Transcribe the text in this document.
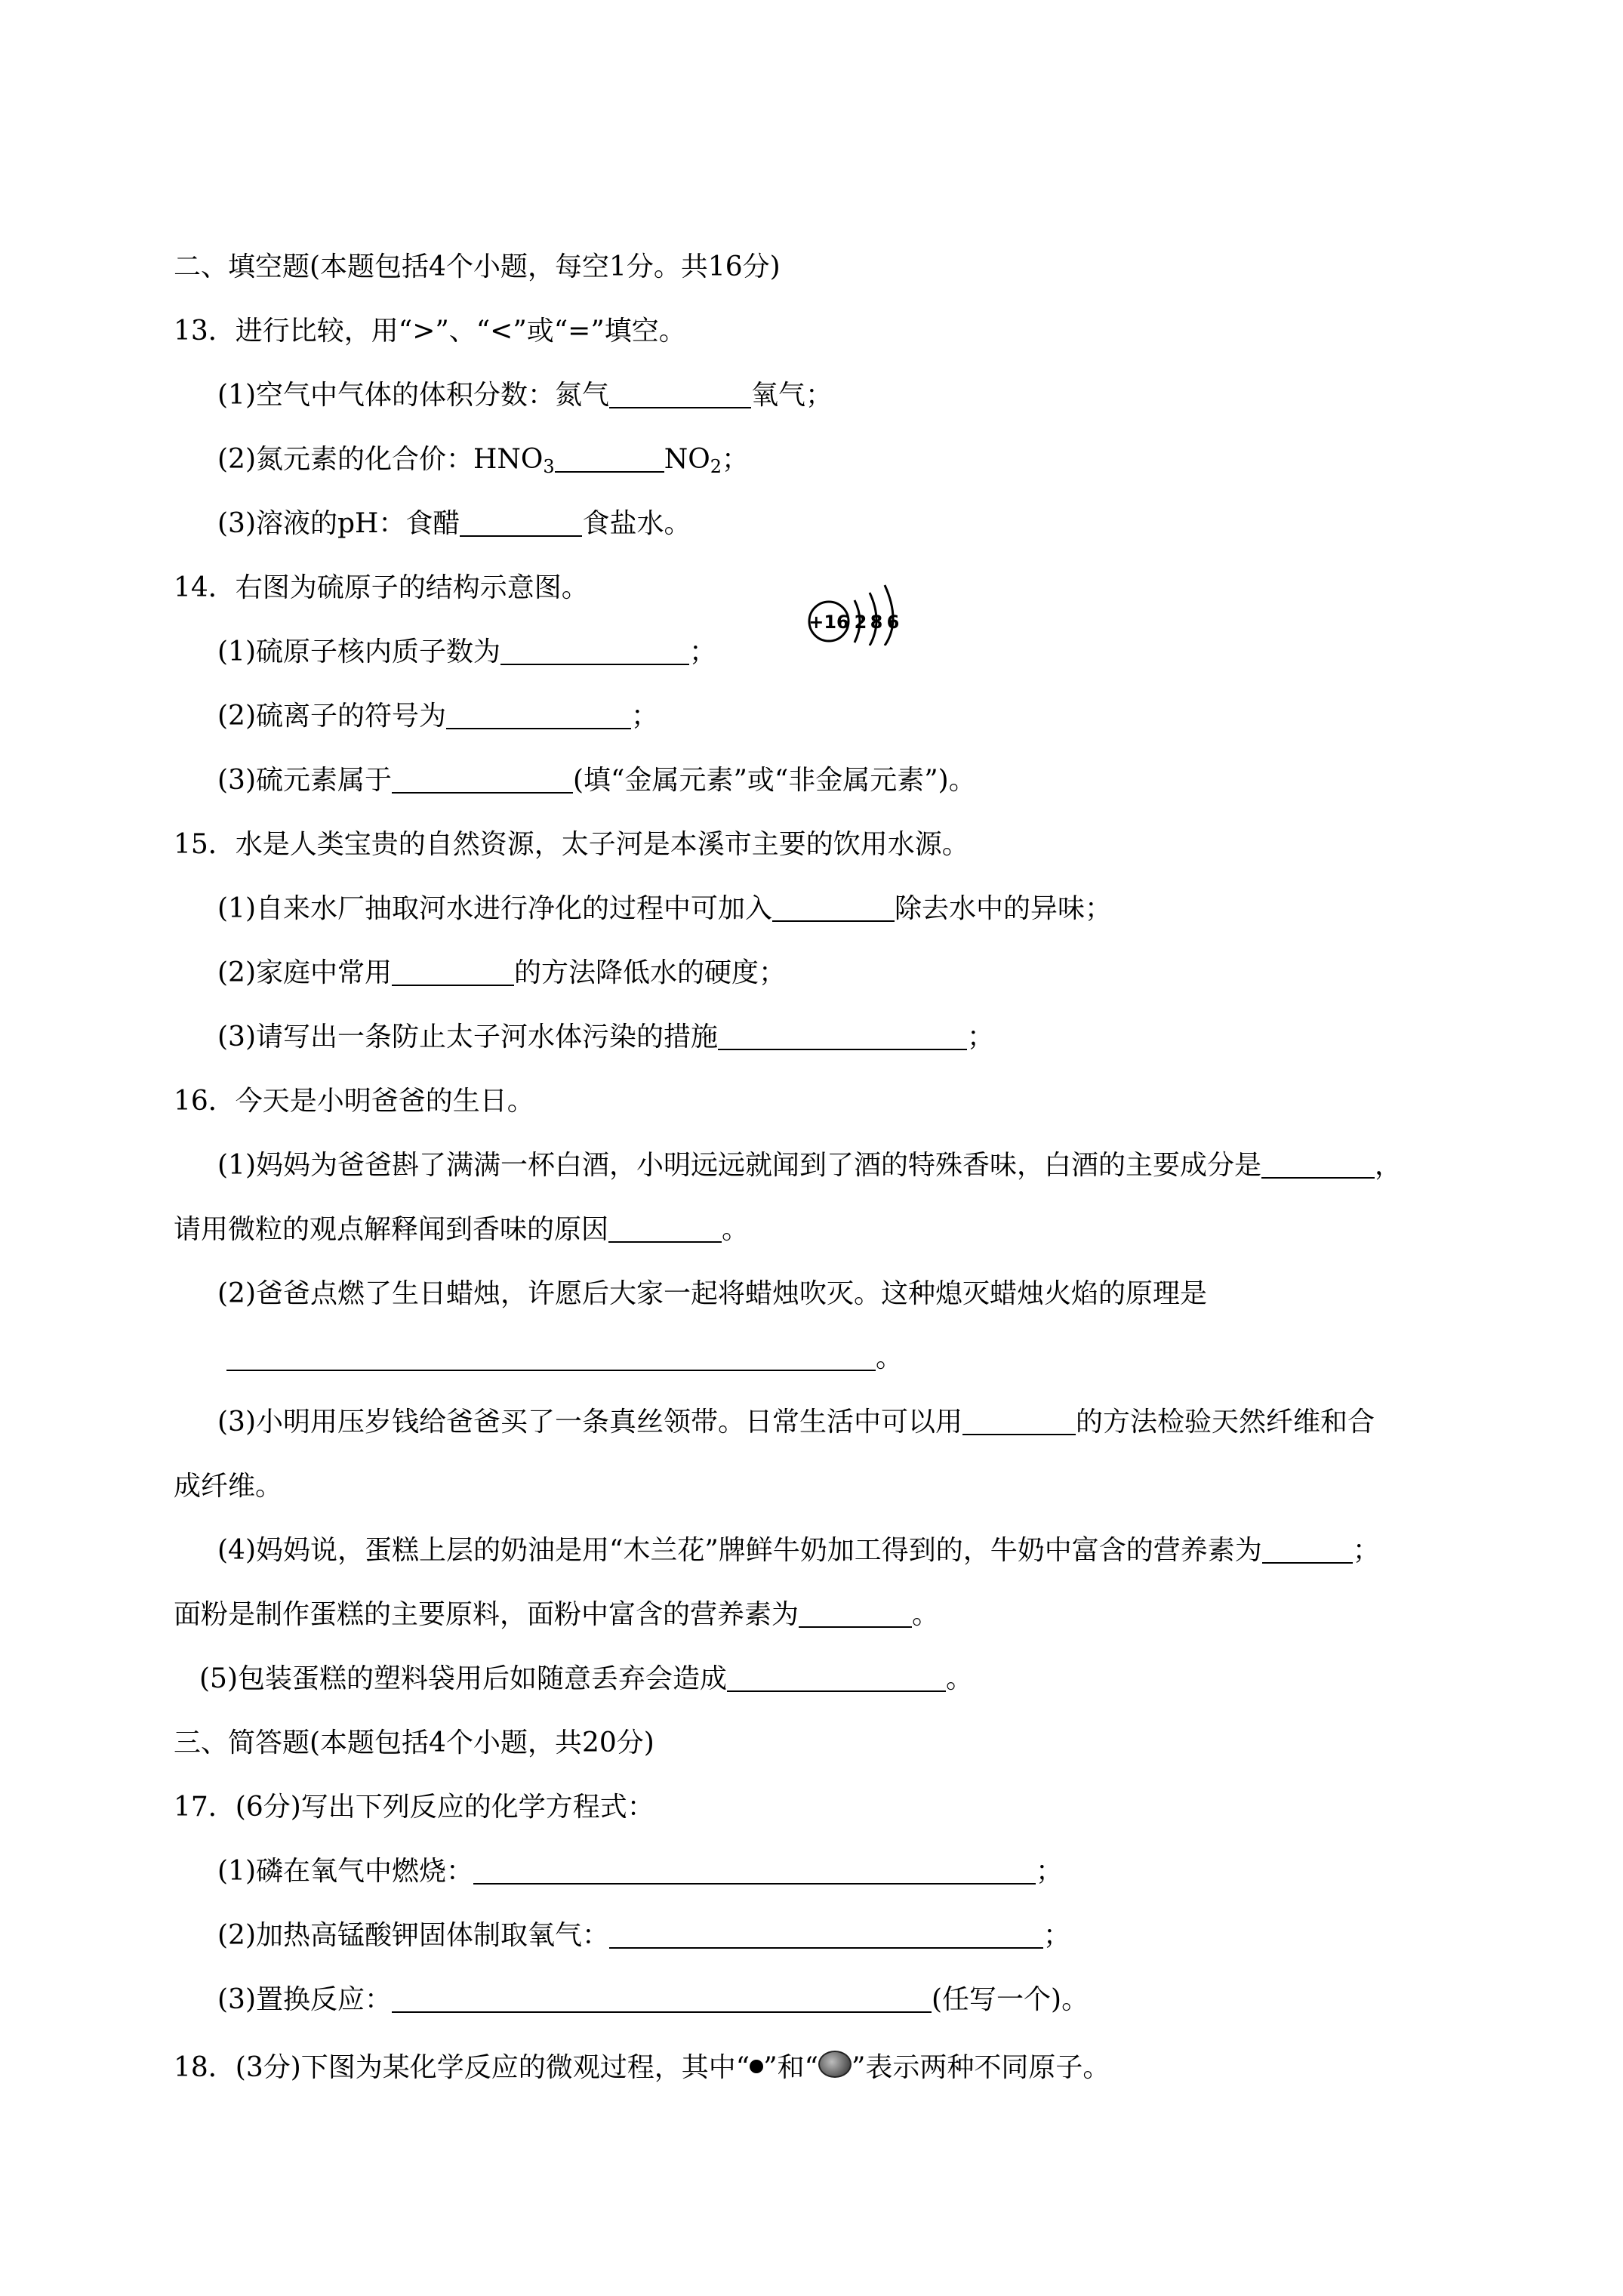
二、填空题(本题包括4个小题，每空1分。共16分)
13．进行比较，用“>”、“<”或“=”填空。
(1)空气中气体的体积分数：氮气	氧气；
(2)氮元素的化合价：$HNO_3$	$NO_2$；
(3)溶液的pH：食醋	食盐水。
14．右图为硫原子的结构示意图。
+16 2 8 6
(1)硫原子核内质子数为	；
(2)硫离子的符号为	；
(3)硫元素属于	(填“金属元素”或“非金属元素”)。
15．水是人类宝贵的自然资源，太子河是本溪市主要的饮用水源。
(1)自来水厂抽取河水进行净化的过程中可加入	除去水中的异味；
(2)家庭中常用	的方法降低水的硬度；
(3)请写出一条防止太子河水体污染的措施	；
16．今天是小明爸爸的生日。
(1)妈妈为爸爸斟了满满一杯白酒，小明远远就闻到了酒的特殊香味，白酒的主要成分是	，
请用微粒的观点解释闻到香味的原因	。
(2)爸爸点燃了生日蜡烛，许愿后大家一起将蜡烛吹灭。这种熄灭蜡烛火焰的原理是
。
(3)小明用压岁钱给爸爸买了一条真丝领带。日常生活中可以用	的方法检验天然纤维和合
成纤维。
(4)妈妈说，蛋糕上层的奶油是用“木兰花”牌鲜牛奶加工得到的，牛奶中富含的营养素为	；
面粉是制作蛋糕的主要原料，面粉中富含的营养素为	。
(5)包装蛋糕的塑料袋用后如随意丢弃会造成	。
三、简答题(本题包括4个小题，共20分)
17．(6分)写出下列反应的化学方程式：
(1)磷在氧气中燃烧：	；
(2)加热高锰酸钾固体制取氧气：	；
(3)置换反应：	(任写一个)。
18．(3分)下图为某化学反应的微观过程，其中“ ”和“ ”表示两种不同原子。
